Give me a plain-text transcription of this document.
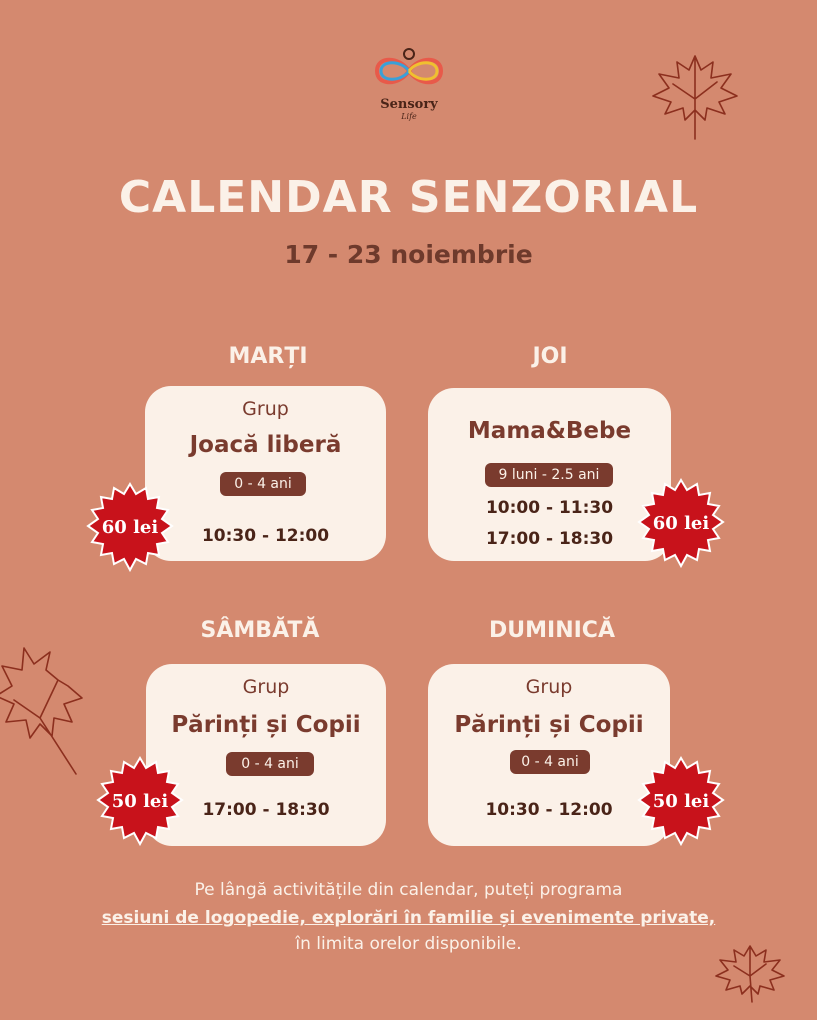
Sensory
Life
CALENDAR SENZORIAL
17 - 23 noiembrie
MARȚI
Grup
Joacă liberă
0 - 4 ani
10:30 - 12:00
60 lei
JOI
Mama&Bebe
9 luni - 2.5 ani
10:00 - 11:30
17:00 - 18:30
60 lei
SÂMBĂTĂ
Grup
Părinți și Copii
0 - 4 ani
17:00 - 18:30
50 lei
DUMINICĂ
Grup
Părinți și Copii
0 - 4 ani
10:30 - 12:00	50 lei
Pe lângă activitățile din calendar, puteți programa
sesiuni de logopedie, explorări în familie și evenimente private,
în limita orelor disponibile.
